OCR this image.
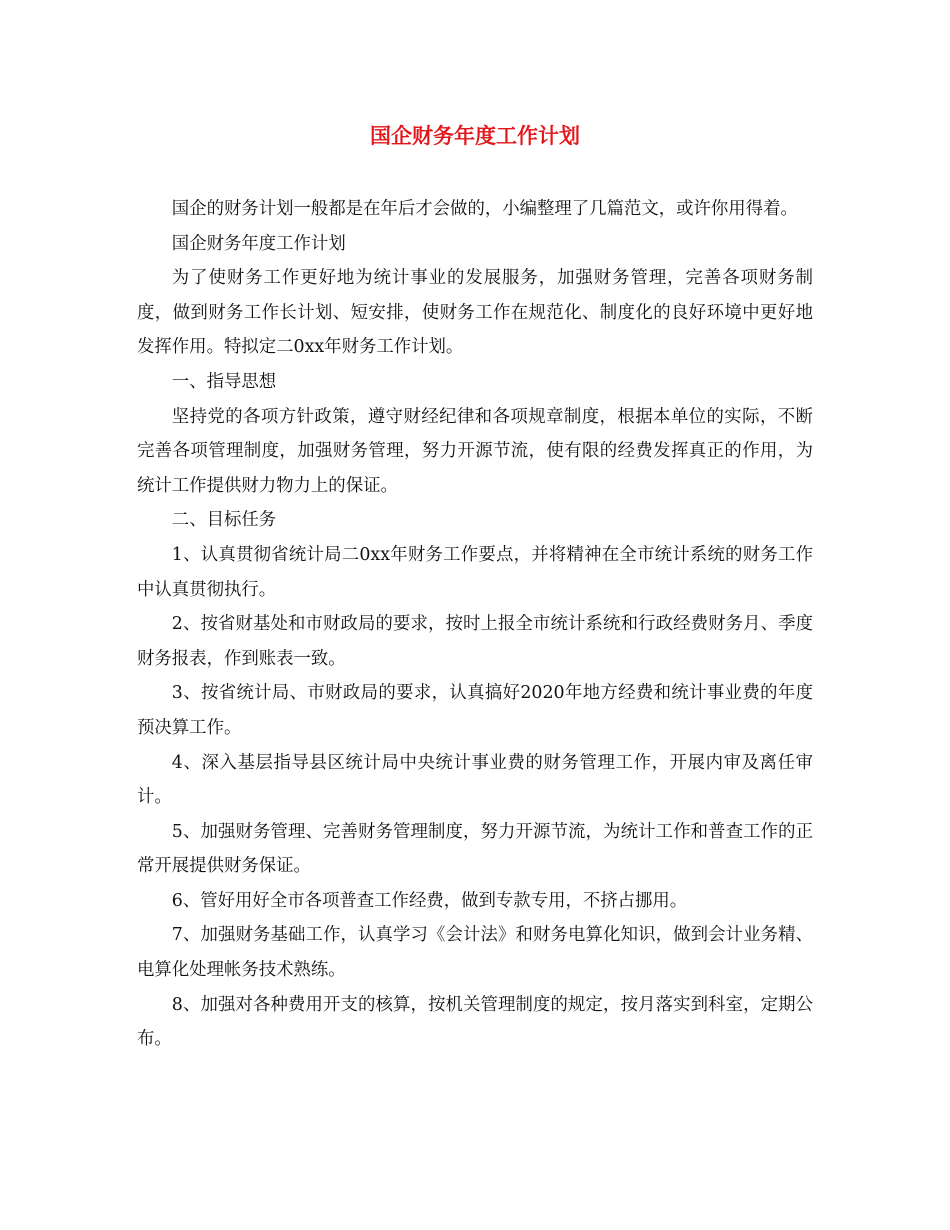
国企财务年度工作计划

国企的财务计划一般都是在年后才会做的，小编整理了几篇范文，或许你用得着。

国企财务年度工作计划

为了使财务工作更好地为统计事业的发展服务，加强财务管理，完善各项财务制度，做到财务工作长计划、短安排，使财务工作在规范化、制度化的良好环境中更好地发挥作用。特拟定二0xx年财务工作计划。

一、指导思想

坚持党的各项方针政策，遵守财经纪律和各项规章制度，根据本单位的实际，不断完善各项管理制度，加强财务管理，努力开源节流，使有限的经费发挥真正的作用，为统计工作提供财力物力上的保证。

二、目标任务

1、认真贯彻省统计局二0xx年财务工作要点，并将精神在全市统计系统的财务工作中认真贯彻执行。

2、按省财基处和市财政局的要求，按时上报全市统计系统和行政经费财务月、季度财务报表，作到账表一致。

3、按省统计局、市财政局的要求，认真搞好2020年地方经费和统计事业费的年度预决算工作。

4、深入基层指导县区统计局中央统计事业费的财务管理工作，开展内审及离任审计。

5、加强财务管理、完善财务管理制度，努力开源节流，为统计工作和普查工作的正常开展提供财务保证。

6、管好用好全市各项普查工作经费，做到专款专用，不挤占挪用。

7、加强财务基础工作，认真学习《会计法》和财务电算化知识，做到会计业务精、电算化处理帐务技术熟练。

8、加强对各种费用开支的核算，按机关管理制度的规定，按月落实到科室，定期公布。
